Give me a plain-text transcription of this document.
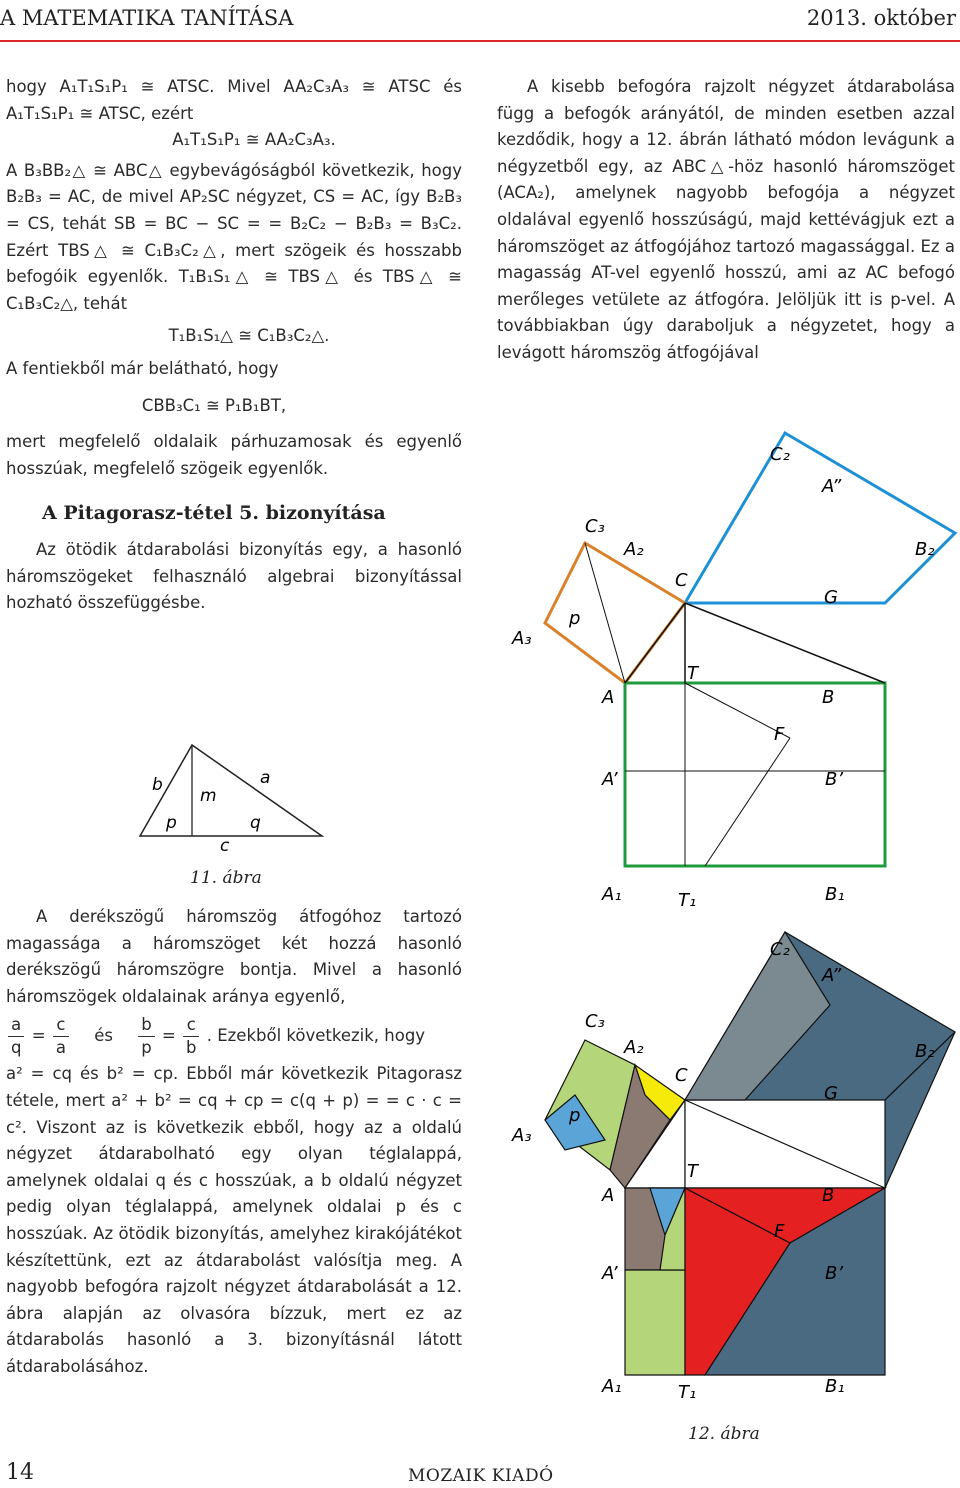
A MATEMATIKA TANÍTÁSA	2013. október
hogy A₁T₁S₁P₁ ≅ ATSC. Mivel AA₂C₃A₃ ≅ ATSC és A₁T₁S₁P₁ ≅ ATSC, ezért
A₁T₁S₁P₁ ≅ AA₂C₃A₃.
A B₃BB₂△ ≅ ABC△ egybevágóságból következik, hogy B₂B₃ = AC, de mivel AP₂SC négyzet, CS = AC, így B₂B₃ = CS, tehát SB = BC − SC = = B₂C₂ − B₂B₃ = B₃C₂. Ezért TBS△ ≅ C₁B₃C₂△, mert szögeik és hosszabb befogóik egyenlők. T₁B₁S₁△ ≅ TBS△ és TBS△ ≅ C₁B₃C₂△, tehát
T₁B₁S₁△ ≅ C₁B₃C₂△.
A fentiekből már belátható, hogy
CBB₃C₁ ≅ P₁B₁BT,
mert megfelelő oldalaik párhuzamosak és egyenlő hosszúak, megfelelő szögeik egyenlők.
A Pitagorasz-tétel 5. bizonyítása
Az ötödik átdarabolási bizonyítás egy, a hasonló háromszögeket felhasználó algebrai bizonyítással hozható összefüggésbe.
b	a
m
p	q
c
11. ábra
A derékszögű háromszög átfogóhoz tartozó magassága a háromszöget két hozzá hasonló derékszögű háromszögre bontja. Mivel a hasonló háromszögek oldalainak aránya egyenlő,
$\frac{a}{q} = \frac{c}{a}$ és $\frac{b}{p} = \frac{c}{b}$ . Ezekből következik, hogy
a² = cq és b² = cp. Ebből már következik Pitagorasz tétele, mert a² + b² = cq + cp = c(q + p) = = c · c = c². Viszont az is következik ebből, hogy az a oldalú négyzet átdarabolható egy olyan téglalappá, amelynek oldalai q és c hosszúak, a b oldalú négyzet pedig olyan téglalappá, amelynek oldalai p és c hosszúak. Az ötödik bizonyítás, amelyhez kirakójátékot készítettünk, ezt az átdarabolást valósítja meg. A nagyobb befogóra rajzolt négyzet átdarabolását a 12. ábra alapján az olvasóra bízzuk, mert ez az átdarabolás hasonló a 3. bizonyításnál látott átdarabolásához.
A kisebb befogóra rajzolt négyzet átdarabolása függ a befogók arányától, de minden esetben azzal kezdődik, hogy a 12. ábrán látható módon levágunk a négyzetből egy, az ABC△-höz hasonló háromszöget (ACA₂), amelynek nagyobb befogója a négyzet oldalával egyenlő hosszúságú, majd kettévágjuk ezt a háromszöget az átfogójához tartozó magassággal. Ez a magasság AT-vel egyenlő hosszú, ami az AC befogó merőleges vetülete az átfogóra. Jelöljük itt is p-vel. A továbbiakban úgy daraboljuk a négyzetet, hogy a levágott háromszög átfogójával
C₂
A”
C₃
A₂	B₂
C
G
A₃
p
T
A	B
F
A’	B’
A₁	T₁	B₁
C₂
A”
C₃
A₂	B₂
C
G
A₃
p
T
A	B
F
A’	B’
A₁	T₁	B₁
12. ábra
14	MOZAIK KIADÓ
